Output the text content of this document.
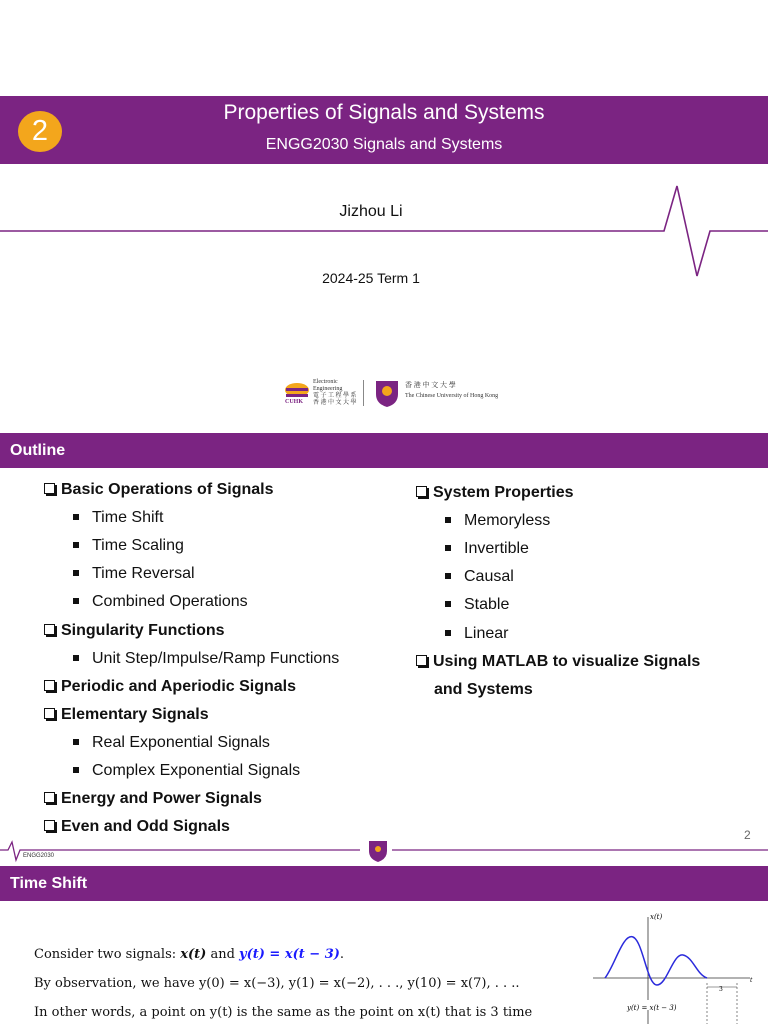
2
Properties of Signals and Systems
ENGG2030 Signals and Systems
Jizhou Li
2024-25 Term 1
CUHK
Electronic
Engineering
電 子 工 程 學 系
香 港 中 文 大 學
香 港 中 文 大 學
The Chinese University of Hong Kong
Outline
Basic Operations of Signals
Time Shift
Time Scaling
Time Reversal
Combined Operations
Singularity Functions
Unit Step/Impulse/Ramp Functions
Periodic and Aperiodic Signals
Elementary Signals
Real Exponential Signals
Complex Exponential Signals
Energy and Power Signals
Even and Odd Signals
System Properties
Memoryless
Invertible
Causal
Stable
Linear
Using MATLAB to visualize Signals
and Systems
2
ENGG2030
Time Shift
Consider two signals: x(t) and y(t) = x(t − 3).
By observation, we have y(0) = x(−3), y(1) = x(−2), . . ., y(10) = x(7), . . ..
In other words, a point on y(t) is the same as the point on x(t) that is 3 time
x(t)
t
3
y(t) = x(t − 3)
